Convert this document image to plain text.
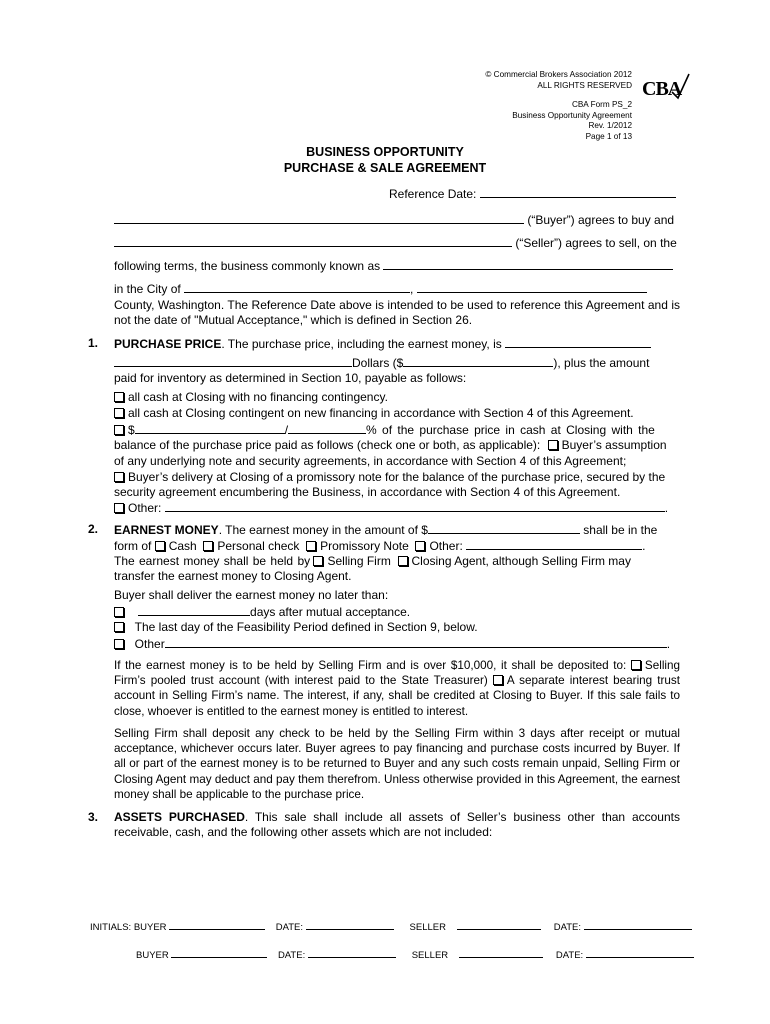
© Commercial Brokers Association 2012
ALL RIGHTS RESERVED
CBA Form PS_2
Business Opportunity Agreement
Rev. 1/2012
Page 1 of 13
CBA
BUSINESS OPPORTUNITY
PURCHASE & SALE AGREEMENT
Reference Date:
(“Buyer”) agrees to buy and
(“Seller”) agrees to sell, on the
following terms, the business commonly known as
in the City of	,
County, Washington. The Reference Date above is intended to be used to reference this Agreement and is not the date of "Mutual Acceptance," which is defined in Section 26.
1. PURCHASE PRICE. The purchase price, including the earnest money, is
Dollars ($	), plus the amount
paid for inventory as determined in Section 10, payable as follows:
all cash at Closing with no financing contingency.
all cash at Closing contingent on new financing in accordance with Section 4 of this Agreement.
$	/	% of the purchase price in cash at Closing with the
balance of the purchase price paid as follows (check one or both, as applicable): Buyer’s assumption
of any underlying note and security agreements, in accordance with Section 4 of this Agreement;
Buyer’s delivery at Closing of a promissory note for the balance of the purchase price, secured by the
security agreement encumbering the Business, in accordance with Section 4 of this Agreement.
Other:	.
2. EARNEST MONEY. The earnest money in the amount of $	shall be in the
form of Cash Personal check Promissory Note Other:	.
The earnest money shall be held by Selling Firm Closing Agent, although Selling Firm may
transfer the earnest money to Closing Agent.
Buyer shall deliver the earnest money no later than:
days after mutual acceptance.
The last day of the Feasibility Period defined in Section 9, below.
Other	.
If the earnest money is to be held by Selling Firm and is over $10,000, it shall be deposited to: Selling Firm’s pooled trust account (with interest paid to the State Treasurer) A separate interest bearing trust account in Selling Firm’s name. The interest, if any, shall be credited at Closing to Buyer. If this sale fails to close, whoever is entitled to the earnest money is entitled to interest.
Selling Firm shall deposit any check to be held by the Selling Firm within 3 days after receipt or mutual acceptance, whichever occurs later. Buyer agrees to pay financing and purchase costs incurred by Buyer. If all or part of the earnest money is to be returned to Buyer and any such costs remain unpaid, Selling Firm or Closing Agent may deduct and pay them therefrom. Unless otherwise provided in this Agreement, the earnest money shall be applicable to the purchase price.
3. ASSETS PURCHASED. This sale shall include all assets of Seller’s business other than accounts receivable, cash, and the following other assets which are not included:
INITIALS: BUYER	DATE:	SELLER	DATE:
BUYER	DATE:	SELLER	DATE:
